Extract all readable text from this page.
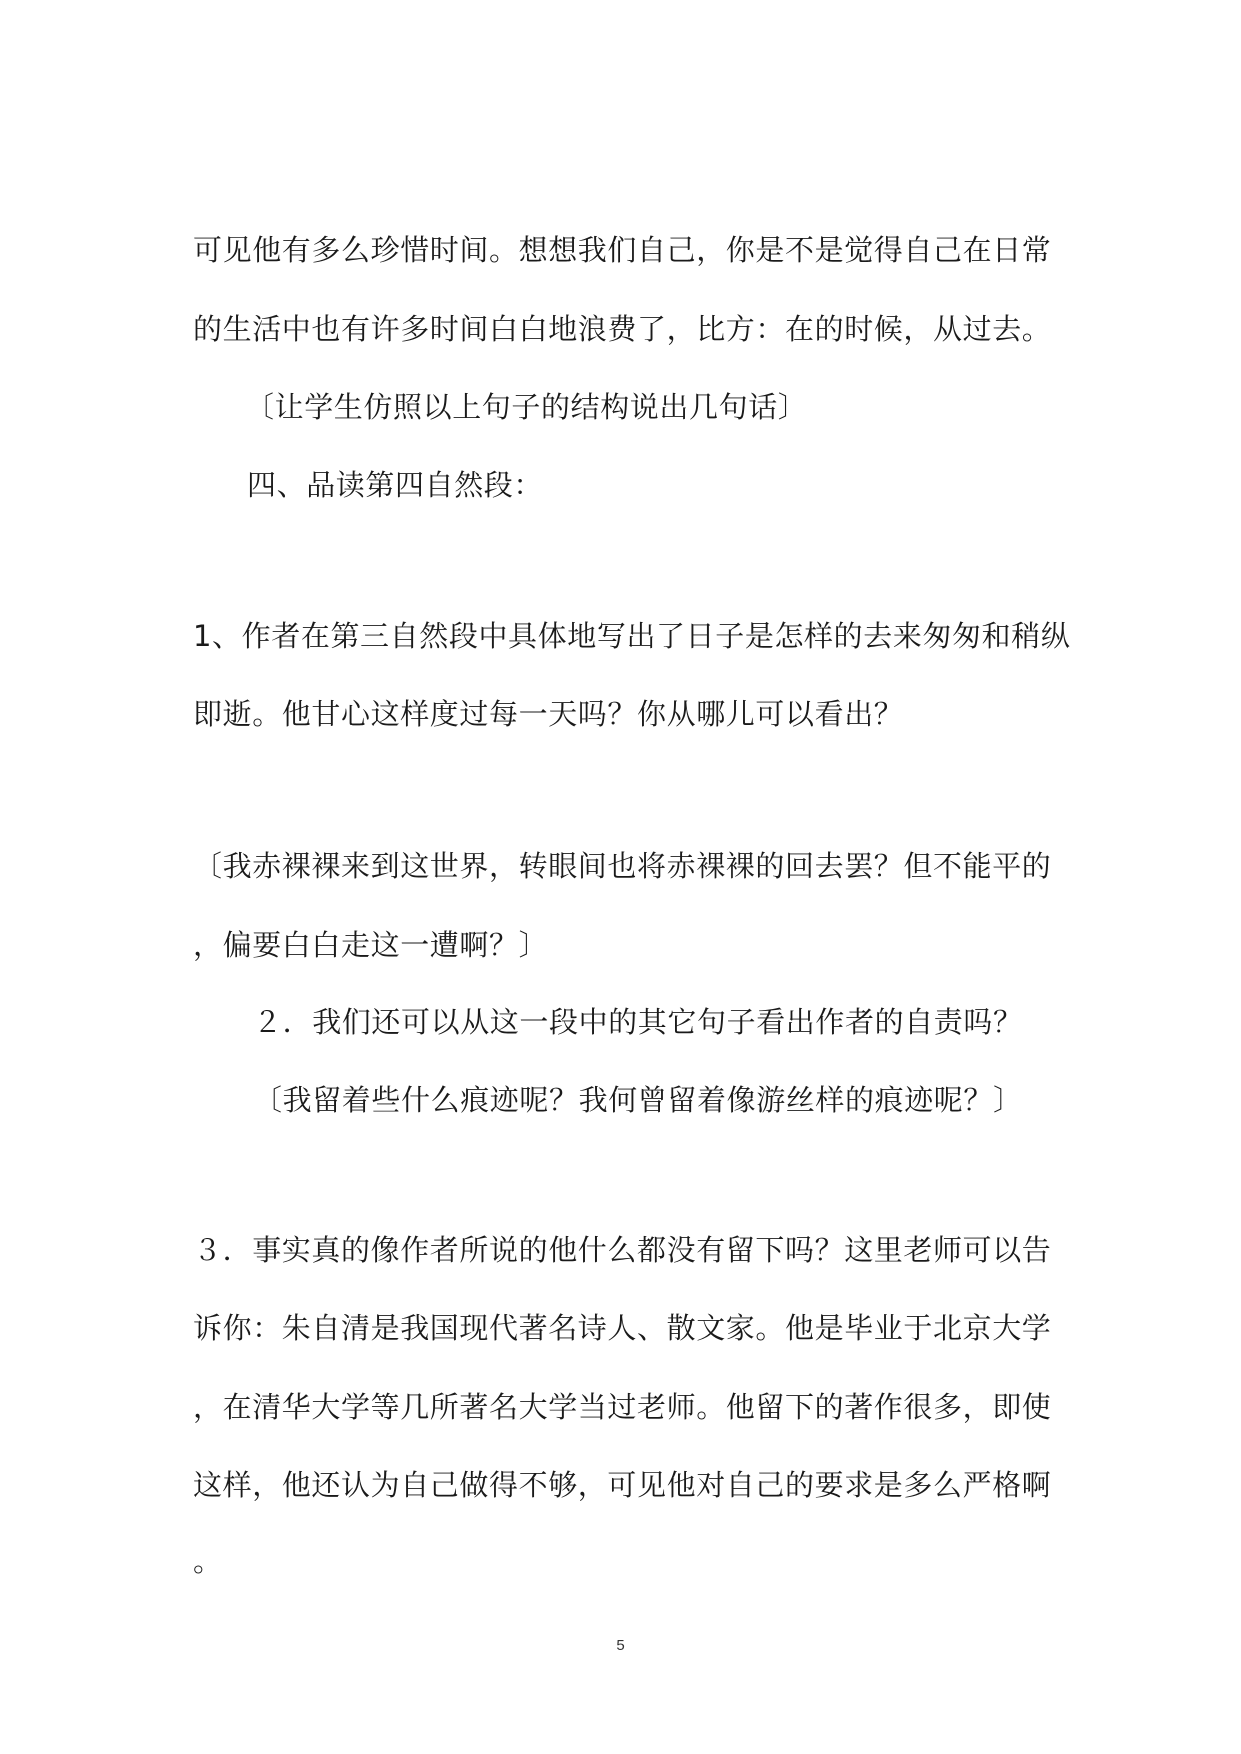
可见他有多么珍惜时间。想想我们自己，你是不是觉得自己在日常
的生活中也有许多时间白白地浪费了，比方：在的时候，从过去。
〔让学生仿照以上句子的结构说出几句话〕
四、品读第四自然段：
1、作者在第三自然段中具体地写出了日子是怎样的去来匆匆和稍纵
即逝。他甘心这样度过每一天吗？你从哪儿可以看出？
〔我赤裸裸来到这世界，转眼间也将赤裸裸的回去罢？但不能平的
，偏要白白走这一遭啊？〕
２．我们还可以从这一段中的其它句子看出作者的自责吗？
〔我留着些什么痕迹呢？我何曾留着像游丝样的痕迹呢？〕
３．事实真的像作者所说的他什么都没有留下吗？这里老师可以告
诉你：朱自清是我国现代著名诗人、散文家。他是毕业于北京大学
，在清华大学等几所著名大学当过老师。他留下的著作很多，即使
这样，他还认为自己做得不够，可见他对自己的要求是多么严格啊
。
5
